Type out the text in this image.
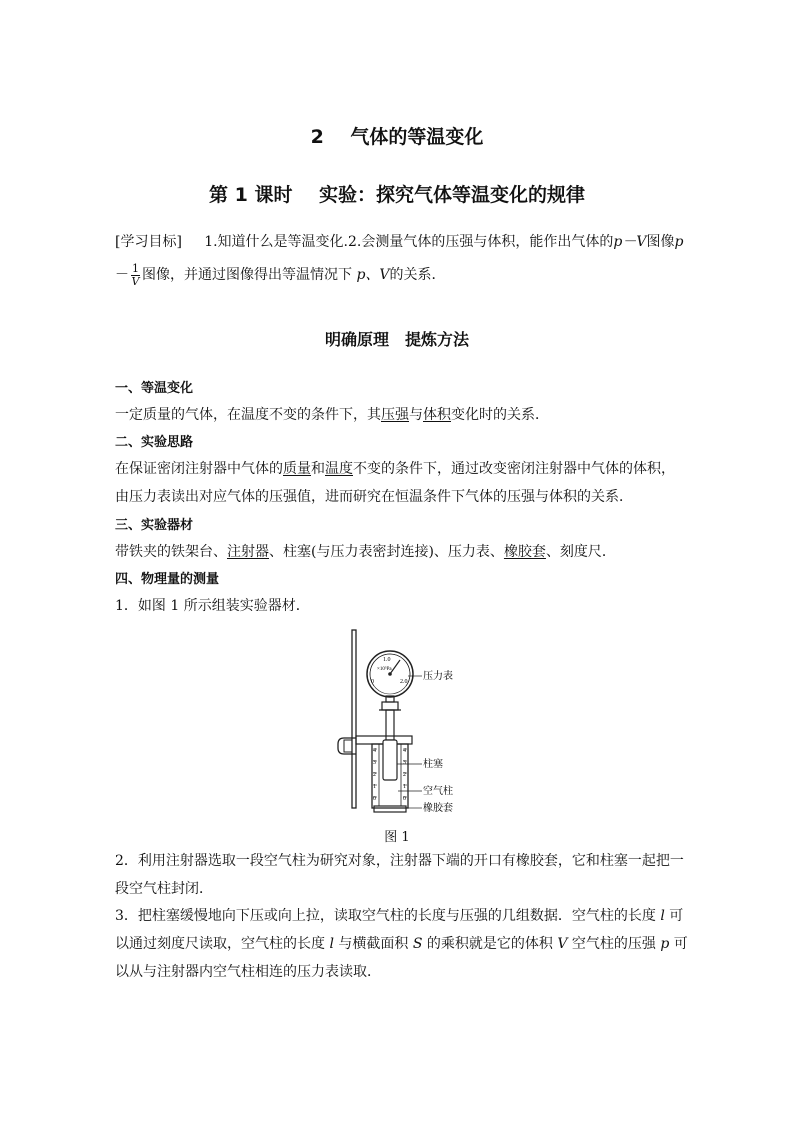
2 气体的等温变化
第 1 课时 实验：探究气体等温变化的规律
[学习目标] 1.知道什么是等温变化.2.会测量气体的压强与体积，能作出气体的p－V图像p
－ $\frac{1}{V}$ 图像，并通过图像得出等温情况下 p、V的关系．
明确原理　提炼方法
一、等温变化
一定质量的气体，在温度不变的条件下，其压强与体积变化时的关系．
二、实验思路
在保证密闭注射器中气体的质量和温度不变的条件下，通过改变密闭注射器中气体的体积，
由压力表读出对应气体的压强值，进而研究在恒温条件下气体的压强与体积的关系．
三、实验器材
带铁夹的铁架台、注射器、柱塞(与压力表密封连接)、压力表、橡胶套、刻度尺．
四、物理量的测量
1．如图 1 所示组装实验器材．
1.0
×10⁵Pa
0	2.0
4
3
2
1
0
4
3
2
1
0
压力表
柱塞
空气柱
橡胶套
图 1
2．利用注射器选取一段空气柱为研究对象，注射器下端的开口有橡胶套，它和柱塞一起把一
段空气柱封闭．
3．把柱塞缓慢地向下压或向上拉，读取空气柱的长度与压强的几组数据．空气柱的长度 l 可
以通过刻度尺读取，空气柱的长度 l 与横截面积 S 的乘积就是它的体积 V 空气柱的压强 p 可
以从与注射器内空气柱相连的压力表读取．
